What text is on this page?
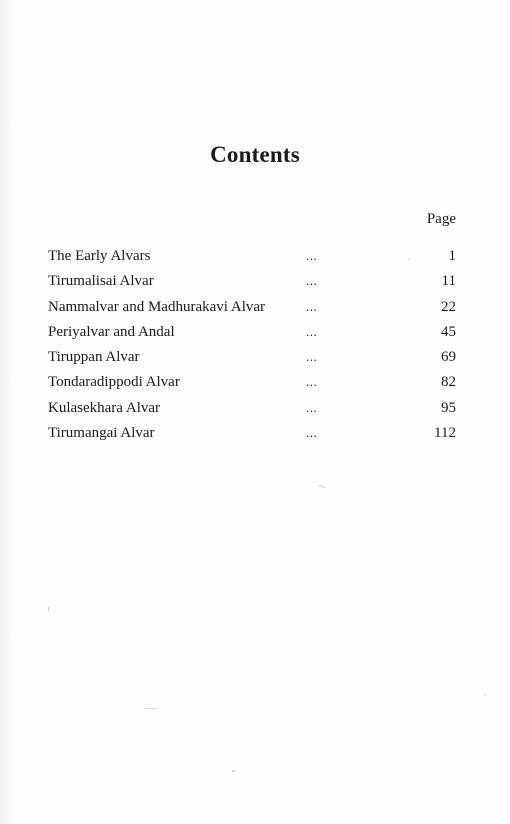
Contents
Page
The Early Alvars	...	1
Tirumalisai Alvar	...	11
Nammalvar and Madhurakavi Alvar	...	22
Periyalvar and Andal	...	45
Tiruppan Alvar	...	69
Tondaradippodi Alvar	...	82
Kulasekhara Alvar	...	95
Tirumangai Alvar	...	112
